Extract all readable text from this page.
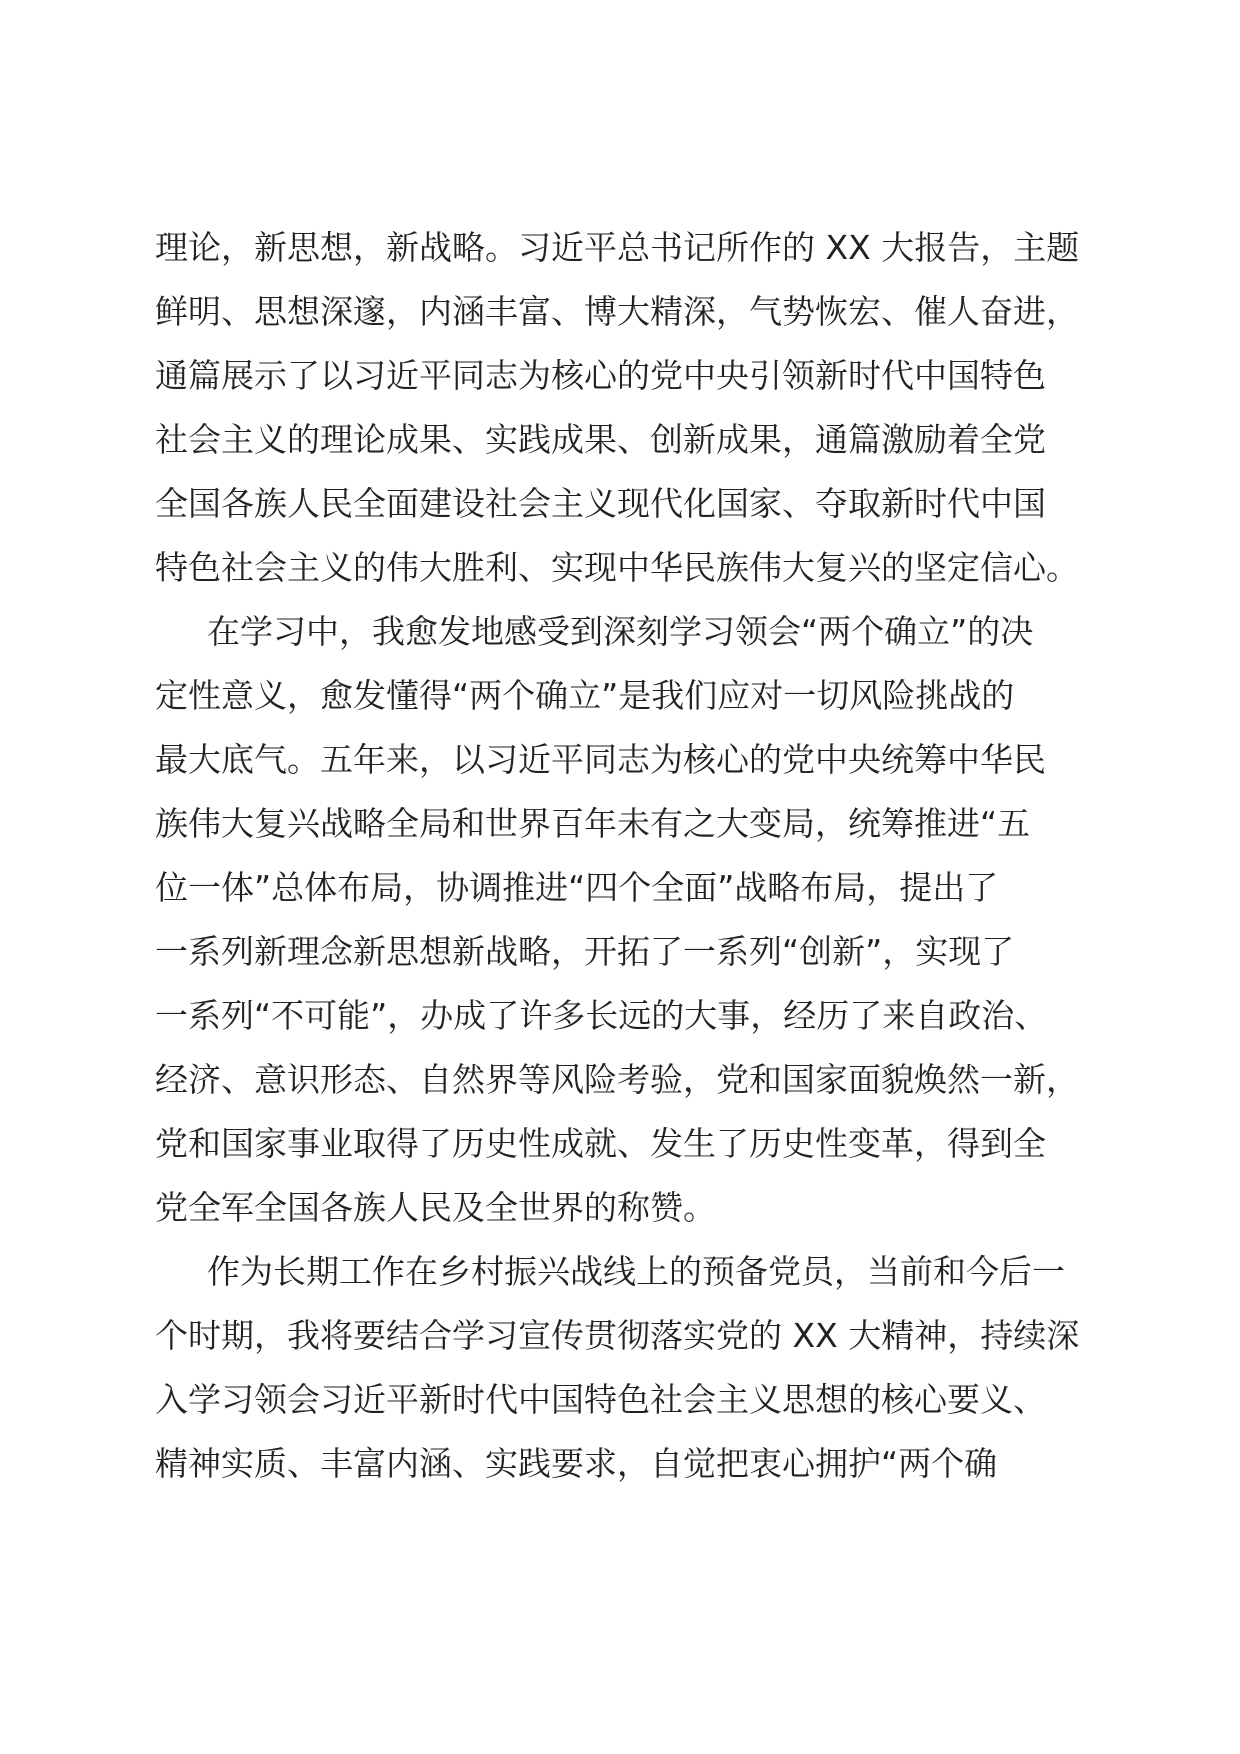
理论，新思想，新战略。习近平总书记所作的 XX 大报告，主题
鲜明、思想深邃，内涵丰富、博大精深，气势恢宏、催人奋进，
通篇展示了以习近平同志为核心的党中央引领新时代中国特色
社会主义的理论成果、实践成果、创新成果，通篇激励着全党
全国各族人民全面建设社会主义现代化国家、夺取新时代中国
特色社会主义的伟大胜利、实现中华民族伟大复兴的坚定信心。
在学习中，我愈发地感受到深刻学习领会“两个确立”的决
定性意义，愈发懂得“两个确立”是我们应对一切风险挑战的
最大底气。五年来，以习近平同志为核心的党中央统筹中华民
族伟大复兴战略全局和世界百年未有之大变局，统筹推进“五
位一体”总体布局，协调推进“四个全面”战略布局，提出了
一系列新理念新思想新战略，开拓了一系列“创新”，实现了
一系列“不可能”，办成了许多长远的大事，经历了来自政治、
经济、意识形态、自然界等风险考验，党和国家面貌焕然一新，
党和国家事业取得了历史性成就、发生了历史性变革，得到全
党全军全国各族人民及全世界的称赞。
作为长期工作在乡村振兴战线上的预备党员，当前和今后一
个时期，我将要结合学习宣传贯彻落实党的 XX 大精神，持续深
入学习领会习近平新时代中国特色社会主义思想的核心要义、
精神实质、丰富内涵、实践要求，自觉把衷心拥护“两个确
